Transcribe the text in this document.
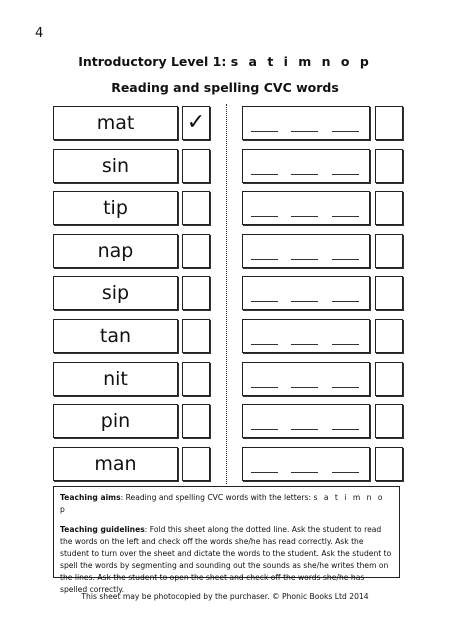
4
Introductory Level 1: s a t i m n o p
Reading and spelling CVC words
mat	✓
sin
tip
nap
sip
tan
nit
pin
man

Teaching aims: Reading and spelling CVC words with the letters: s a t i m n o p

Teaching guidelines: Fold this sheet along the dotted line. Ask the student to read the words on the left and check off the words she/he has read correctly. Ask the student to turn over the sheet and dictate the words to the student. Ask the student to spell the words by segmenting and sounding out the sounds as she/he writes them on the lines. Ask the student to open the sheet and check off the words she/he has spelled correctly.

This sheet may be photocopied by the purchaser. © Phonic Books Ltd 2014
